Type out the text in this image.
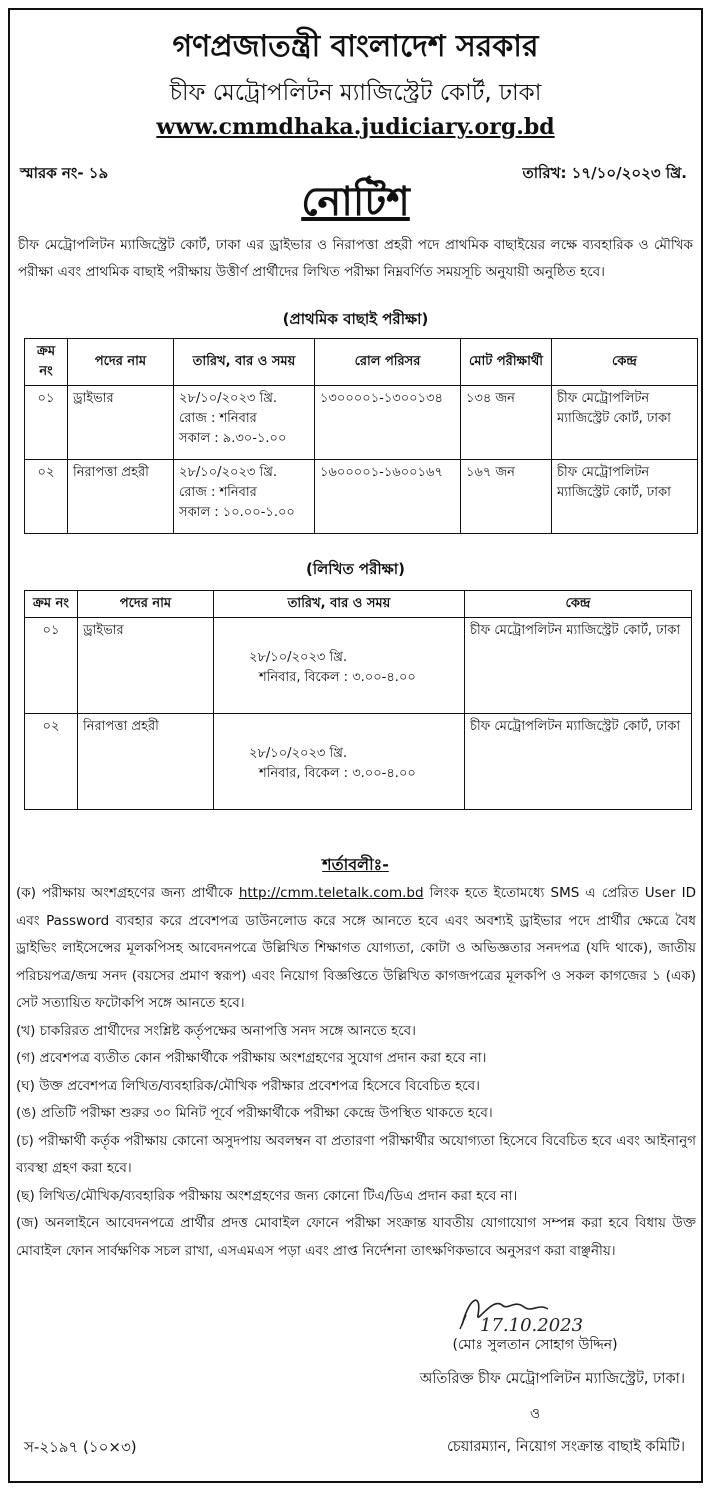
গণপ্রজাতন্ত্রী বাংলাদেশ সরকার
চীফ মেট্রোপলিটন ম্যাজিস্ট্রেট কোর্ট, ঢাকা
www.cmmdhaka.judiciary.org.bd
স্মারক নং- ১৯	তারিখ: ১৭/১০/২০২৩ খ্রি.
নোটিশ
চীফ মেট্রোপলিটন ম্যাজিস্ট্রেট কোর্ট, ঢাকা এর ড্রাইভার ও নিরাপত্তা প্রহরী পদে প্রাথমিক বাছাইয়ের লক্ষে ব্যবহারিক ও মৌখিক পরীক্ষা এবং প্রাথমিক বাছাই পরীক্ষায় উত্তীর্ণ প্রার্থীদের লিখিত পরীক্ষা নিম্নবর্ণিত সময়সূচি অনুযায়ী অনুষ্ঠিত হবে।
(প্রাথমিক বাছাই পরীক্ষা)
ক্রম নং	পদের নাম	তারিখ, বার ও সময়	রোল পরিসর	মোট পরীক্ষার্থী	কেন্দ্র
০১	ড্রাইভার	২৮/১০/২০২৩ খ্রি.
রোজ : শনিবার
সকাল : ৯.৩০-১.০০	১৩০০০০১-১৩০০১৩৪	১৩৪ জন	চীফ মেট্রোপলিটন ম্যাজিস্ট্রেট কোর্ট, ঢাকা
০২	নিরাপত্তা প্রহরী	২৮/১০/২০২৩ খ্রি.
রোজ : শনিবার
সকাল : ১০.০০-১.০০	১৬০০০০১-১৬০০১৬৭	১৬৭ জন	চীফ মেট্রোপলিটন ম্যাজিস্ট্রেট কোর্ট, ঢাকা
(লিখিত পরীক্ষা)
ক্রম নং	পদের নাম	তারিখ, বার ও সময়	কেন্দ্র
০১	ড্রাইভার	২৮/১০/২০২৩ খ্রি.
শনিবার, বিকেল : ৩.০০-৪.০০	চীফ মেট্রোপলিটন ম্যাজিস্ট্রেট কোর্ট, ঢাকা
০২	নিরাপত্তা প্রহরী	২৮/১০/২০২৩ খ্রি.
শনিবার, বিকেল : ৩.০০-৪.০০	চীফ মেট্রোপলিটন ম্যাজিস্ট্রেট কোর্ট, ঢাকা
শর্তাবলীঃ-

(ক) পরীক্ষায় অংশগ্রহণের জন্য প্রার্থীকে http://cmm.teletalk.com.bd লিংক হতে ইতোমধ্যে SMS এ প্রেরিত User ID এবং Password ব্যবহার করে প্রবেশপত্র ডাউনলোড করে সঙ্গে আনতে হবে এবং অবশ্যই ড্রাইভার পদে প্রার্থীর ক্ষেত্রে বৈধ ড্রাইভিং লাইসেন্সের মূলকপিসহ আবেদনপত্রে উল্লিখিত শিক্ষাগত যোগ্যতা, কোটা ও অভিজ্ঞতার সনদপত্র (যদি থাকে), জাতীয় পরিচয়পত্র/জন্ম সনদ (বয়সের প্রমাণ স্বরূপ) এবং নিয়োগ বিজ্ঞপ্তিতে উল্লিখিত কাগজপত্রের মূলকপি ও সকল কাগজের ১ (এক) সেট সত্যায়িত ফটোকপি সঙ্গে আনতে হবে।

(খ) চাকরিরত প্রার্থীদের সংশ্লিষ্ট কর্তৃপক্ষের অনাপত্তি সনদ সঙ্গে আনতে হবে।

(গ) প্রবেশপত্র ব্যতীত কোন পরীক্ষার্থীকে পরীক্ষায় অংশগ্রহণের সুযোগ প্রদান করা হবে না।

(ঘ) উক্ত প্রবেশপত্র লিখিত/ব্যবহারিক/মৌখিক পরীক্ষার প্রবেশপত্র হিসেবে বিবেচিত হবে।

(ঙ) প্রতিটি পরীক্ষা শুরুর ৩০ মিনিট পূর্বে পরীক্ষার্থীকে পরীক্ষা কেন্দ্রে উপস্থিত থাকতে হবে।

(চ) পরীক্ষার্থী কর্তৃক পরীক্ষায় কোনো অসুদপায় অবলম্বন বা প্রতারণা পরীক্ষার্থীর অযোগ্যতা হিসেবে বিবেচিত হবে এবং আইনানুগ ব্যবস্থা গ্রহণ করা হবে।

(ছ) লিখিত/মৌখিক/ব্যবহারিক পরীক্ষায় অংশগ্রহণের জন্য কোনো টিএ/ডিএ প্রদান করা হবে না।

(জ) অনলাইনে আবেদনপত্রে প্রার্থীর প্রদত্ত মোবাইল ফোনে পরীক্ষা সংক্রান্ত যাবতীয় যোগাযোগ সম্পন্ন করা হবে বিধায় উক্ত মোবাইল ফোন সার্বক্ষণিক সচল রাখা, এসএমএস পড়া এবং প্রাপ্ত নির্দেশনা তাৎক্ষণিকভাবে অনুসরণ করা বাঞ্ছনীয়।

17.10.2023
(মোঃ সুলতান সোহাগ উদ্দিন)
অতিরিক্ত চীফ মেট্রোপলিটন ম্যাজিস্ট্রেট, ঢাকা।
ও
চেয়ারম্যান, নিয়োগ সংক্রান্ত বাছাই কমিটি।
স-২১৯৭ (১০×৩)
